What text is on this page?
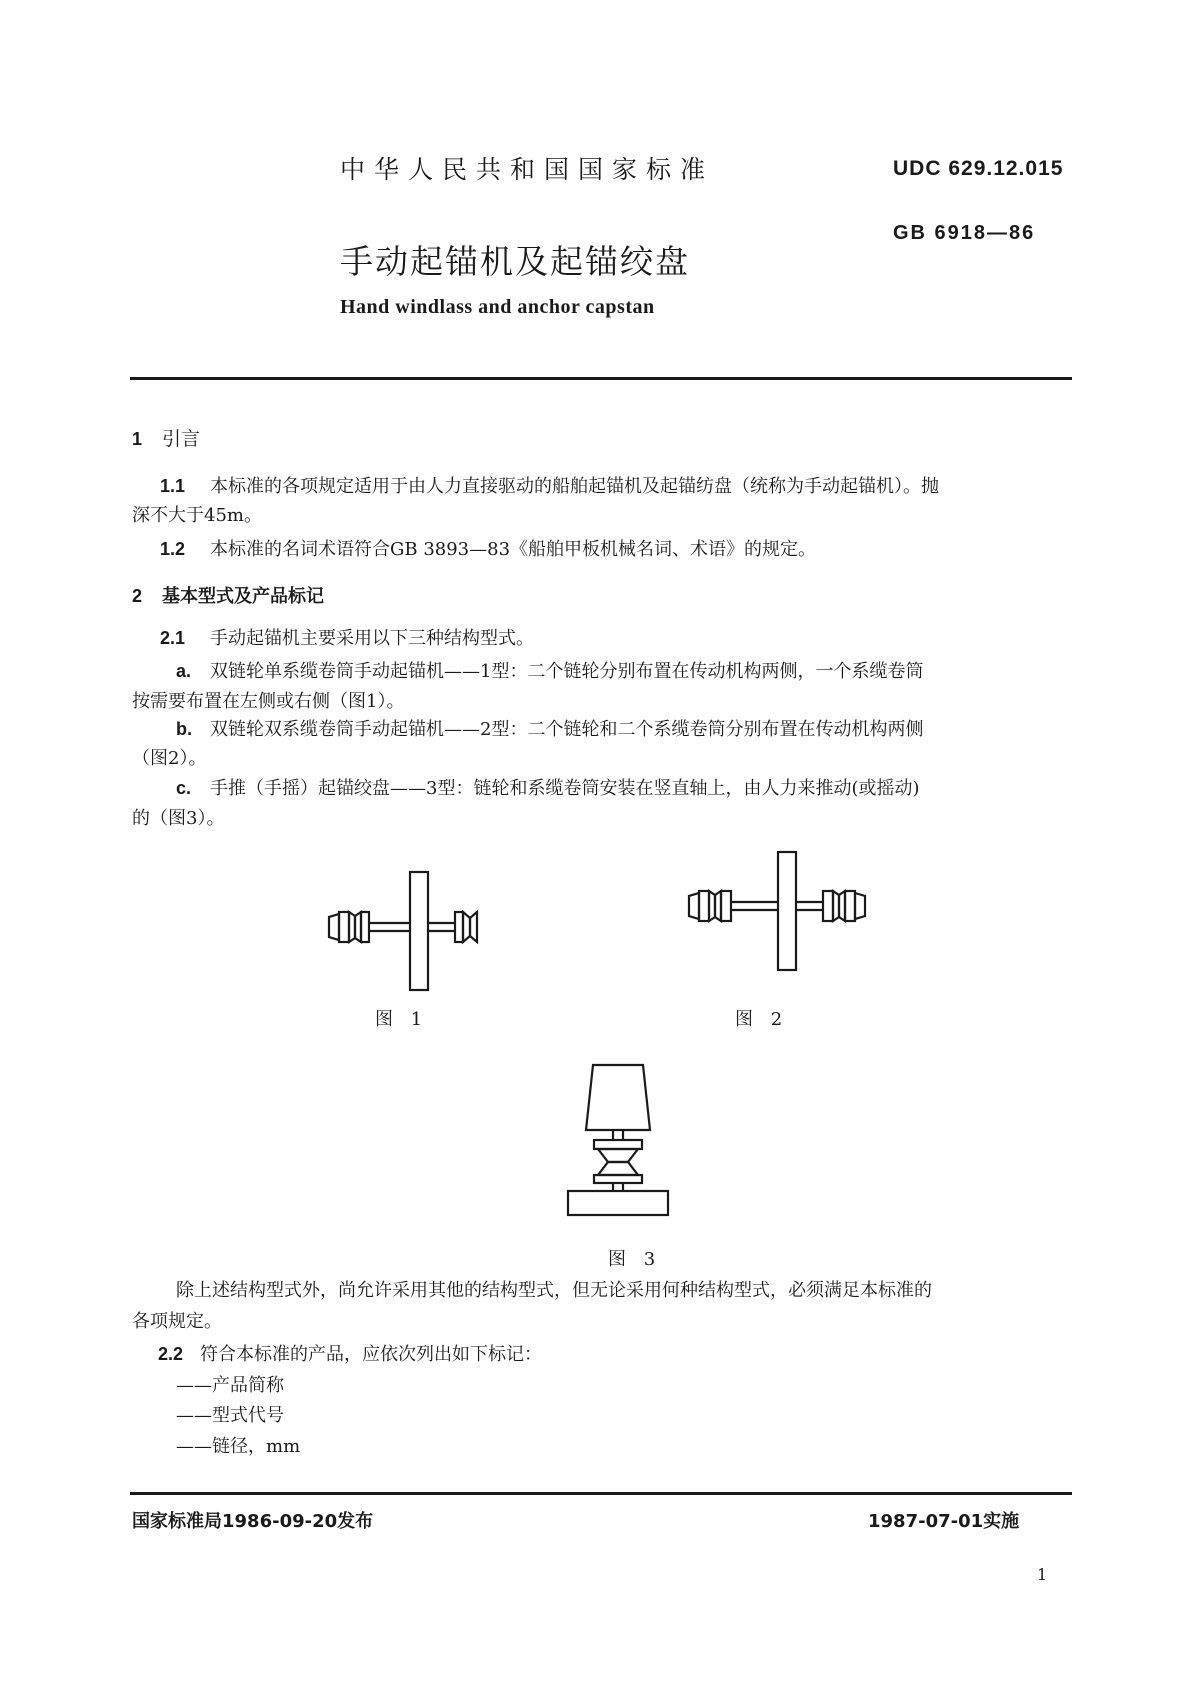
中华人民共和国国家标准	UDC 629.12.015
GB 6918—86
手动起锚机及起锚绞盘
Hand windlass and anchor capstan
1 引言
1.1 本标准的各项规定适用于由人力直接驱动的船舶起锚机及起锚纺盘（统称为手动起锚机）。抛
深不大于45m。
1.2 本标准的名词术语符合GB 3893—83《船舶甲板机械名词、术语》的规定。
2 基本型式及产品标记
2.1 手动起锚机主要采用以下三种结构型式。
a. 双链轮单系缆卷筒手动起锚机——1型：二个链轮分别布置在传动机构两侧，一个系缆卷筒
按需要布置在左侧或右侧（图1）。
b. 双链轮双系缆卷筒手动起锚机——2型：二个链轮和二个系缆卷筒分别布置在传动机构两侧
（图2）。
c. 手推（手摇）起锚绞盘——3型：链轮和系缆卷筒安装在竖直轴上，由人力来推动(或摇动)
的（图3）。
图 1	图 2
图 3
除上述结构型式外，尚允许采用其他的结构型式，但无论采用何种结构型式，必须满足本标准的
各项规定。
2.2 符合本标准的产品，应依次列出如下标记：
——产品简称
——型式代号
——链径，mm
国家标准局1986-09-20发布	1987-07-01实施
1
